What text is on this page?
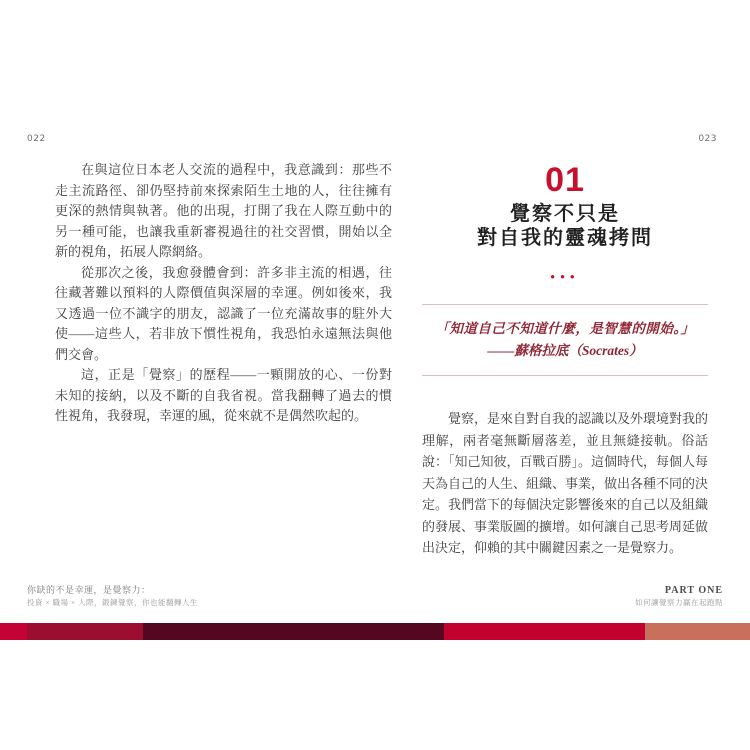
022	023

在與這位日本老人交流的過程中，我意識到：那些不走主流路徑、卻仍堅持前來探索陌生土地的人，往往擁有更深的熱情與執著。他的出現，打開了我在人際互動中的另一種可能，也讓我重新審視過往的社交習慣，開始以全新的視角，拓展人際網絡。

從那次之後，我愈發體會到：許多非主流的相遇，往往藏著難以預料的人際價值與深層的幸運。例如後來，我又透過一位不識字的朋友，認識了一位充滿故事的駐外大使——這些人，若非放下慣性視角，我恐怕永遠無法與他們交會。

這，正是「覺察」的歷程——一顆開放的心、一份對未知的接納，以及不斷的自我省視。當我翻轉了過去的慣性視角，我發現，幸運的風，從來就不是偶然吹起的。

01
覺察不只是
對自我的靈魂拷問
●●●
「知道自己不知道什麼，是智慧的開始。」
——蘇格拉底（Socrates）

覺察，是來自對自我的認識以及外環境對我的理解，兩者毫無斷層落差，並且無縫接軌。俗話說：「知己知彼，百戰百勝」。這個時代，每個人每天為自己的人生、組織、事業，做出各種不同的決定。我們當下的每個決定影響後來的自己以及組織的發展、事業版圖的擴增。如何讓自己思考周延做出決定，仰賴的其中關鍵因素之一是覺察力。

你缺的不是幸運，是覺察力：
投資 × 職場 × 人際，鍛鍊覺察，你也能翻轉人生
PART ONE
如何讓覺察力贏在起跑點
